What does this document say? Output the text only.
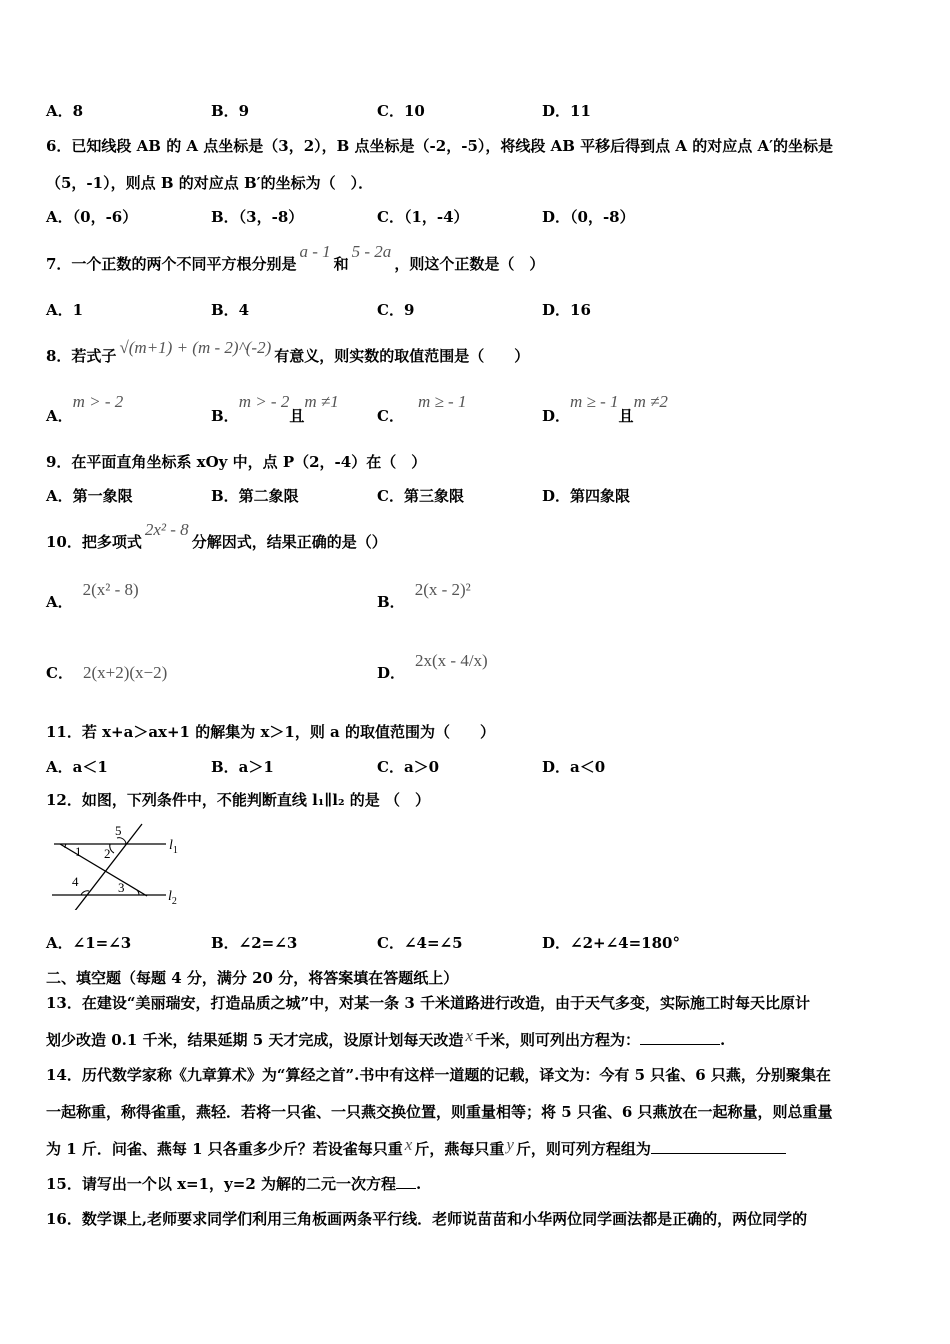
A．8	B．9	C．10	D．11
6．已知线段 AB 的 A 点坐标是（3，2），B 点坐标是（-2，-5），将线段 AB 平移后得到点 A 的对应点 A′的坐标是
（5，-1），则点 B 的对应点 B′的坐标为（　）．
A．（0，-6）	B．（3，-8）	C．（1，-4）	D．（0，-8）
7．一个正数的两个不同平方根分别是a - 1和5 - 2a，则这个正数是（　）
A．1	B．4	C．9	D．16
8．若式子 √(m+1) + (m - 2)^(-2) 有意义，则实数的取值范围是（　　）
A．m > - 2
B．m > - 2且m ≠1
C．m ≥ - 1
D．m ≥ - 1且m ≠2
9．在平面直角坐标系 xOy 中，点 P（2，-4）在（　）
A．第一象限	B．第二象限	C．第三象限	D．第四象限
10．把多项式2x² - 8分解因式，结果正确的是（）
A．2(x² - 8)
B．2(x - 2)²
C． 2(x+2)(x−2)	D．2x(x - 4/x)
11．若 x+a＞ax+1 的解集为 x＞1，则 a 的取值范围为（　　）
A．a＜1	B．a＞1	C．a＞0	D．a＜0
12．如图，下列条件中，不能判断直线 l₁∥l₂ 的是 （　）
5
1 2
4	3
$l_1$
$l_2$
A．∠1=∠3	B．∠2=∠3	C．∠4=∠5	D．∠2+∠4=180°
二、填空题（每题 4 分，满分 20 分，将答案填在答题纸上）
13．在建设“美丽瑞安，打造品质之城”中，对某一条 3 千米道路进行改造，由于天气多变，实际施工时每天比原计
划少改造 0.1 千米，结果延期 5 天才完成，设原计划每天改造 x 千米，则可列出方程为：	.
14．历代数学家称《九章算术》为“算经之首”.书中有这样一道题的记载，译文为：今有 5 只雀、6 只燕，分别聚集在
一起称重，称得雀重，燕轻．若将一只雀、一只燕交换位置，则重量相等；将 5 只雀、6 只燕放在一起称量，则总重量
为 1 斤．问雀、燕每 1 只各重多少斤？若设雀每只重 x 斤，燕每只重 y 斤，则可列方程组为
15．请写出一个以 x=1，y=2 为解的二元一次方程 .
16．数学课上,老师要求同学们利用三角板画两条平行线．老师说苗苗和小华两位同学画法都是正确的，两位同学的
